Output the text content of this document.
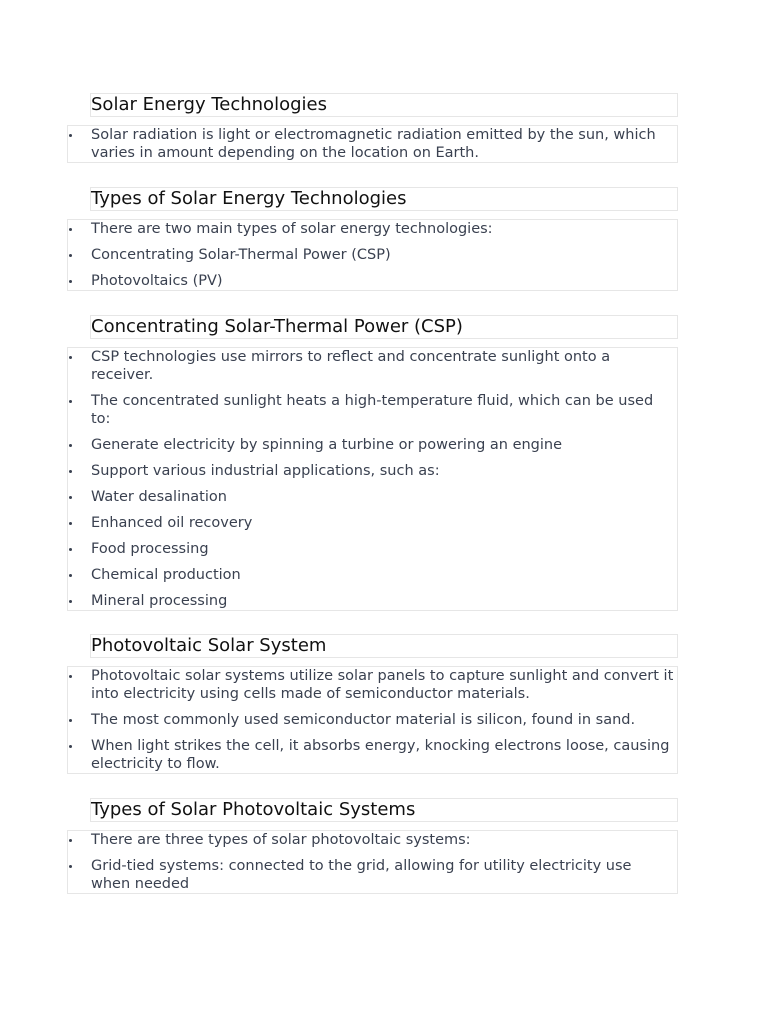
Solar Energy Technologies
Solar radiation is light or electromagnetic radiation emitted by the sun, which varies in amount depending on the location on Earth.
Types of Solar Energy Technologies
There are two main types of solar energy technologies:
Concentrating Solar-Thermal Power (CSP)
Photovoltaics (PV)
Concentrating Solar-Thermal Power (CSP)
CSP technologies use mirrors to reflect and concentrate sunlight onto a receiver.
The concentrated sunlight heats a high-temperature fluid, which can be used to:
Generate electricity by spinning a turbine or powering an engine
Support various industrial applications, such as:
Water desalination
Enhanced oil recovery
Food processing
Chemical production
Mineral processing
Photovoltaic Solar System
Photovoltaic solar systems utilize solar panels to capture sunlight and convert it into electricity using cells made of semiconductor materials.
The most commonly used semiconductor material is silicon, found in sand.
When light strikes the cell, it absorbs energy, knocking electrons loose, causing electricity to flow.
Types of Solar Photovoltaic Systems
There are three types of solar photovoltaic systems:
Grid-tied systems: connected to the grid, allowing for utility electricity use when needed
